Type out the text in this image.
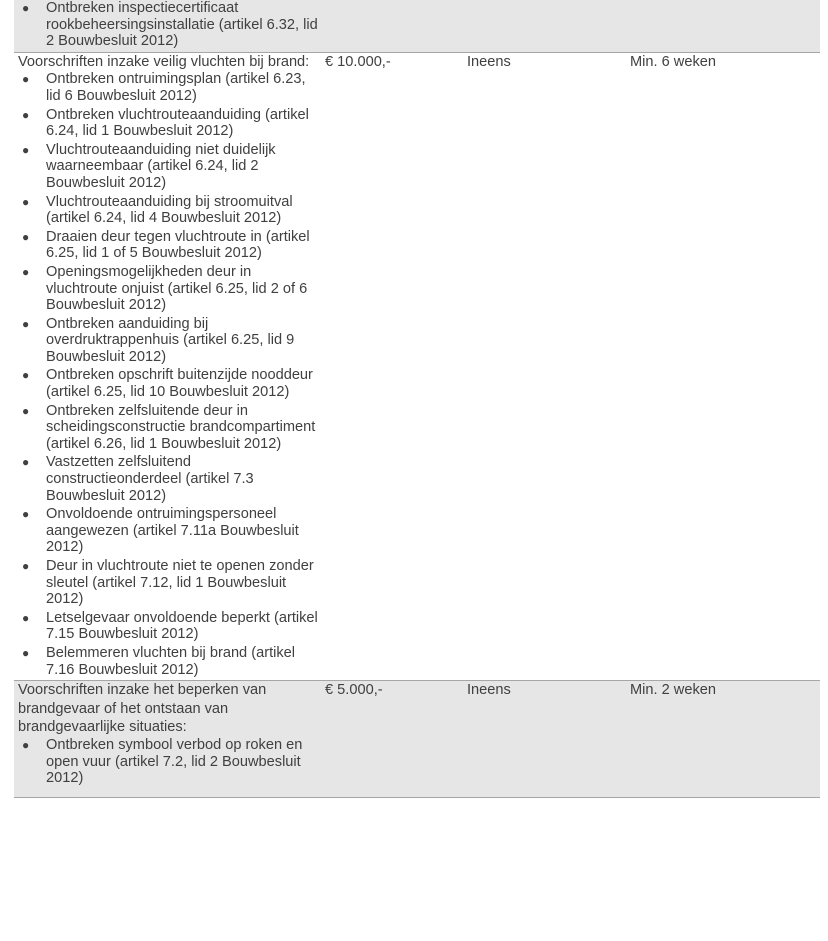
● Ontbreken inspectiecertificaat rookbeheersingsinstallatie (artikel 6.32, lid 2 Bouwbesluit 2012)
Voorschriften inzake veilig vluchten bij brand:
● Ontbreken ontruimingsplan (artikel 6.23, lid 6 Bouwbesluit 2012)
● Ontbreken vluchtrouteaanduiding (artikel 6.24, lid 1 Bouwbesluit 2012)
● Vluchtrouteaanduiding niet duidelijk waarneembaar (artikel 6.24, lid 2 Bouwbesluit 2012)
● Vluchtrouteaanduiding bij stroomuitval (artikel 6.24, lid 4 Bouwbesluit 2012)
● Draaien deur tegen vluchtroute in (artikel 6.25, lid 1 of 5 Bouwbesluit 2012)
● Openingsmogelijkheden deur in vluchtroute onjuist (artikel 6.25, lid 2 of 6 Bouwbesluit 2012)
● Ontbreken aanduiding bij overdruktrappenhuis (artikel 6.25, lid 9 Bouwbesluit 2012)
● Ontbreken opschrift buitenzijde nooddeur (artikel 6.25, lid 10 Bouwbesluit 2012)
● Ontbreken zelfsluitende deur in scheidingsconstructie brandcompartiment (artikel 6.26, lid 1 Bouwbesluit 2012)
● Vastzetten zelfsluitend constructieonderdeel (artikel 7.3 Bouwbesluit 2012)
● Onvoldoende ontruimingspersoneel aangewezen (artikel 7.11a Bouwbesluit 2012)
● Deur in vluchtroute niet te openen zonder sleutel (artikel 7.12, lid 1 Bouwbesluit 2012)
● Letselgevaar onvoldoende beperkt (artikel 7.15 Bouwbesluit 2012)
● Belemmeren vluchten bij brand (artikel 7.16 Bouwbesluit 2012)
€ 10.000,-	Ineens	Min. 6 weken
Voorschriften inzake het beperken van brandgevaar of het ontstaan van brandgevaarlijke situaties:
● Ontbreken symbool verbod op roken en open vuur (artikel 7.2, lid 2 Bouwbesluit 2012)
€ 5.000,-	Ineens	Min. 2 weken
